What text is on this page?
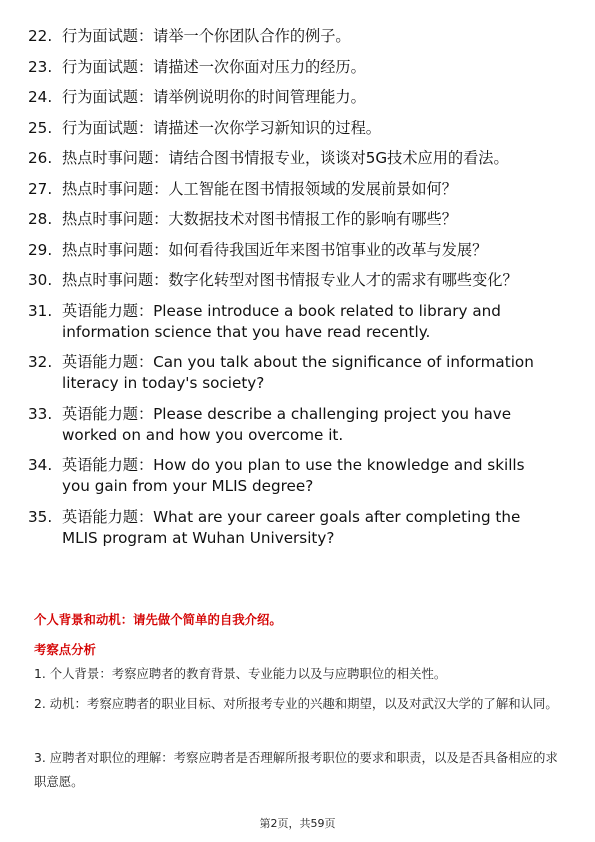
22. 行为面试题：请举一个你团队合作的例子。
23. 行为面试题：请描述一次你面对压力的经历。
24. 行为面试题：请举例说明你的时间管理能力。
25. 行为面试题：请描述一次你学习新知识的过程。
26. 热点时事问题：请结合图书情报专业，谈谈对5G技术应用的看法。
27. 热点时事问题：人工智能在图书情报领域的发展前景如何？
28. 热点时事问题：大数据技术对图书情报工作的影响有哪些？
29. 热点时事问题：如何看待我国近年来图书馆事业的改革与发展？
30. 热点时事问题：数字化转型对图书情报专业人才的需求有哪些变化？
31. 英语能力题：Please introduce a book related to library and information science that you have read recently.
32. 英语能力题：Can you talk about the significance of information literacy in today's society?
33. 英语能力题：Please describe a challenging project you have worked on and how you overcome it.
34. 英语能力题：How do you plan to use the knowledge and skills you gain from your MLIS degree?
35. 英语能力题：What are your career goals after completing the MLIS program at Wuhan University?
个人背景和动机：请先做个简单的自我介绍。
考察点分析
1. 个人背景：考察应聘者的教育背景、专业能力以及与应聘职位的相关性。
2. 动机：考察应聘者的职业目标、对所报考专业的兴趣和期望，以及对武汉大学的了解和认同。
3. 应聘者对职位的理解：考察应聘者是否理解所报考职位的要求和职责，以及是否具备相应的求职意愿。
第2页，共59页
